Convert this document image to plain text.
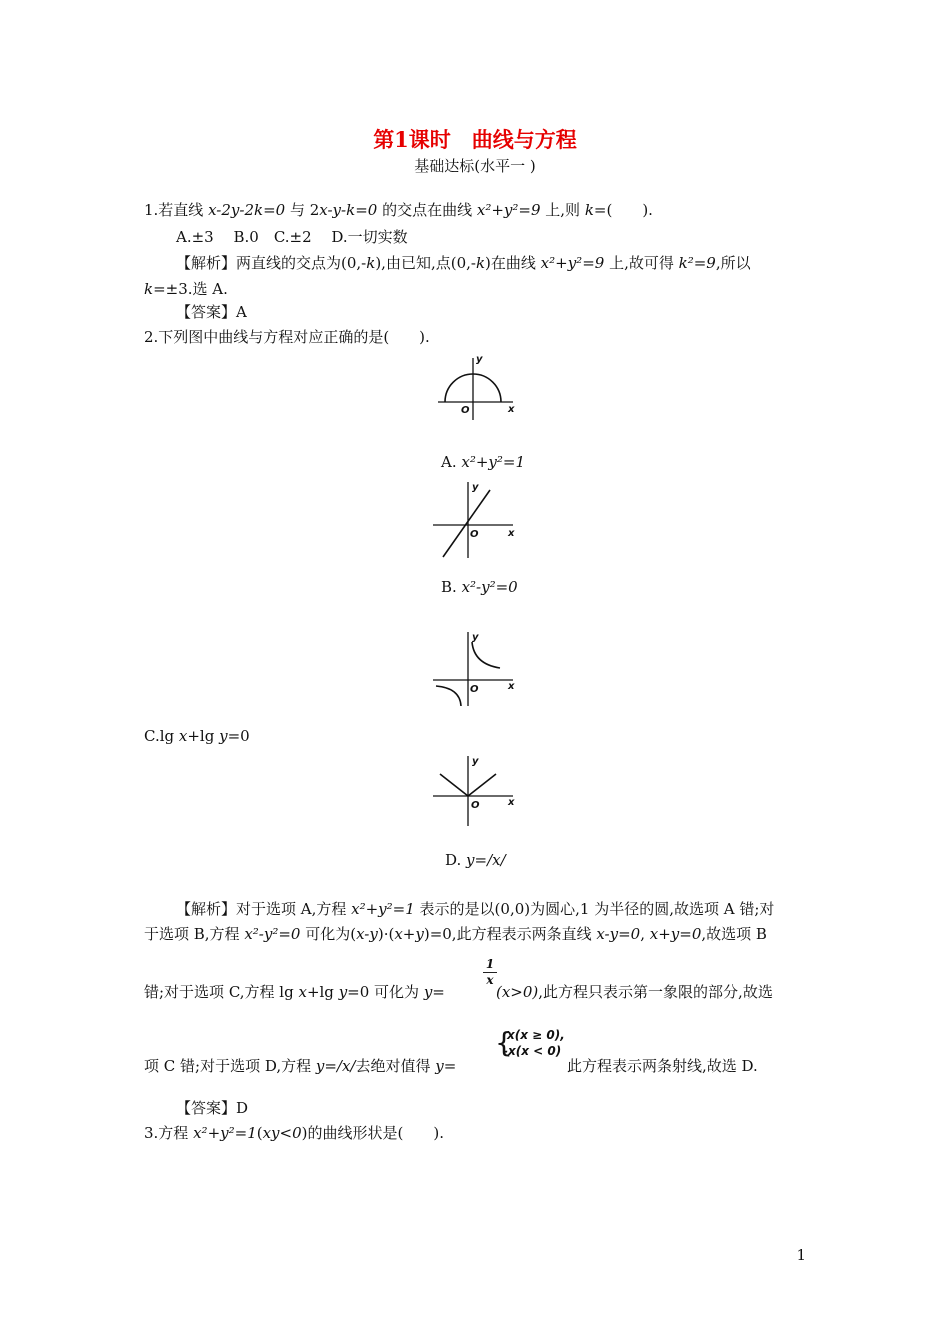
第1课时　曲线与方程
基础达标(水平一 )
1.若直线 x-2y-2k=0 与 2x-y-k=0 的交点在曲线 x²+y²=9 上,则 k=(　　).
A.±3　 B.0　C.±2　 D.一切实数
【解析】两直线的交点为(0,-k),由已知,点(0,-k)在曲线 x²+y²=9 上,故可得 k²=9,所以
k=±3.选 A.
【答案】A
2.下列图中曲线与方程对应正确的是(　　).
x
y
O
A. x²+y²=1
x
y
O
B. x²-y²=0
x
y
O
C.lg x+lg y=0
x
y
O
D. y=/x/
【解析】对于选项 A,方程 x²+y²=1 表示的是以(0,0)为圆心,1 为半径的圆,故选项 A 错;对
于选项 B,方程 x²-y²=0 可化为(x-y)·(x+y)=0,此方程表示两条直线 x-y=0, x+y=0,故选项 B
1
x
错;对于选项 C,方程 lg x+lg y=0 可化为 y=	(x>0),此方程只表示第一象限的部分,故选
{
x(x ≥ 0),
-x(x < 0)
项 C 错;对于选项 D,方程 y=/x/去绝对值得 y=	此方程表示两条射线,故选 D.
【答案】D
3.方程 x²+y²=1(xy<0)的曲线形状是(　　).
1
